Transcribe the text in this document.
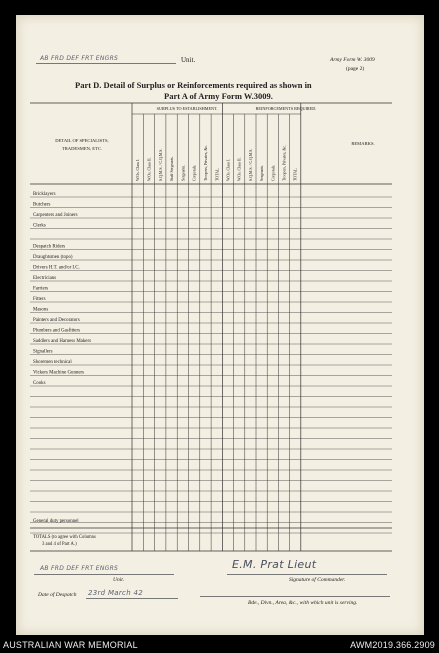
AB FRD DEF FRT ENGRS	Unit.	Army Form W. 3009
(page 2)
Part D. Detail of Surplus or Reinforcements required as shown in
Part A of Army Form W.3009.
DETAIL OF SPECIALISTS,
TRADESMEN, ETC.
SURPLUS TO ESTABLISHMENT.	REINFORCEMENTS REQUIRED.
REMARKS.
W.Os. Class I. W.Os. Class II. S.Q.M.S. / C.Q.M.S. Staff Sergeants. Sergeants. Corporals. Troopers, Privates, &c. TOTAL. W.Os. Class I. W.Os. Class II. S.Q.M.S. / C.Q.M.S. Sergeants. Corporals. Troopers, Privates, &c. TOTAL.
Bricklayers
Butchers
Carpenters and Joiners
Clerks
Despatch Riders
Draughtsmen (topo)
Drivers H.T. and/or I.C.
Electricians
Farriers
Fitters
Masons
Painters and Decorators
Plumbers and Gasfitters
Saddlers and Harness Makers
Signallers
Shoremen technical
Vickers Machine Gunners
Cooks
General duty personnel
TOTALS (to agree with Columns
3 and 4 of Part A.)
AB FRD DEF FRT ENGRS
Unit.
E.M. Prat Lieut
Signature of Commander.
Date of Despatch 23rd March 42
Bde., Divn., Area, &c., with which unit is serving.
AUSTRALIAN WAR MEMORIAL	AWM2019.366.2909
